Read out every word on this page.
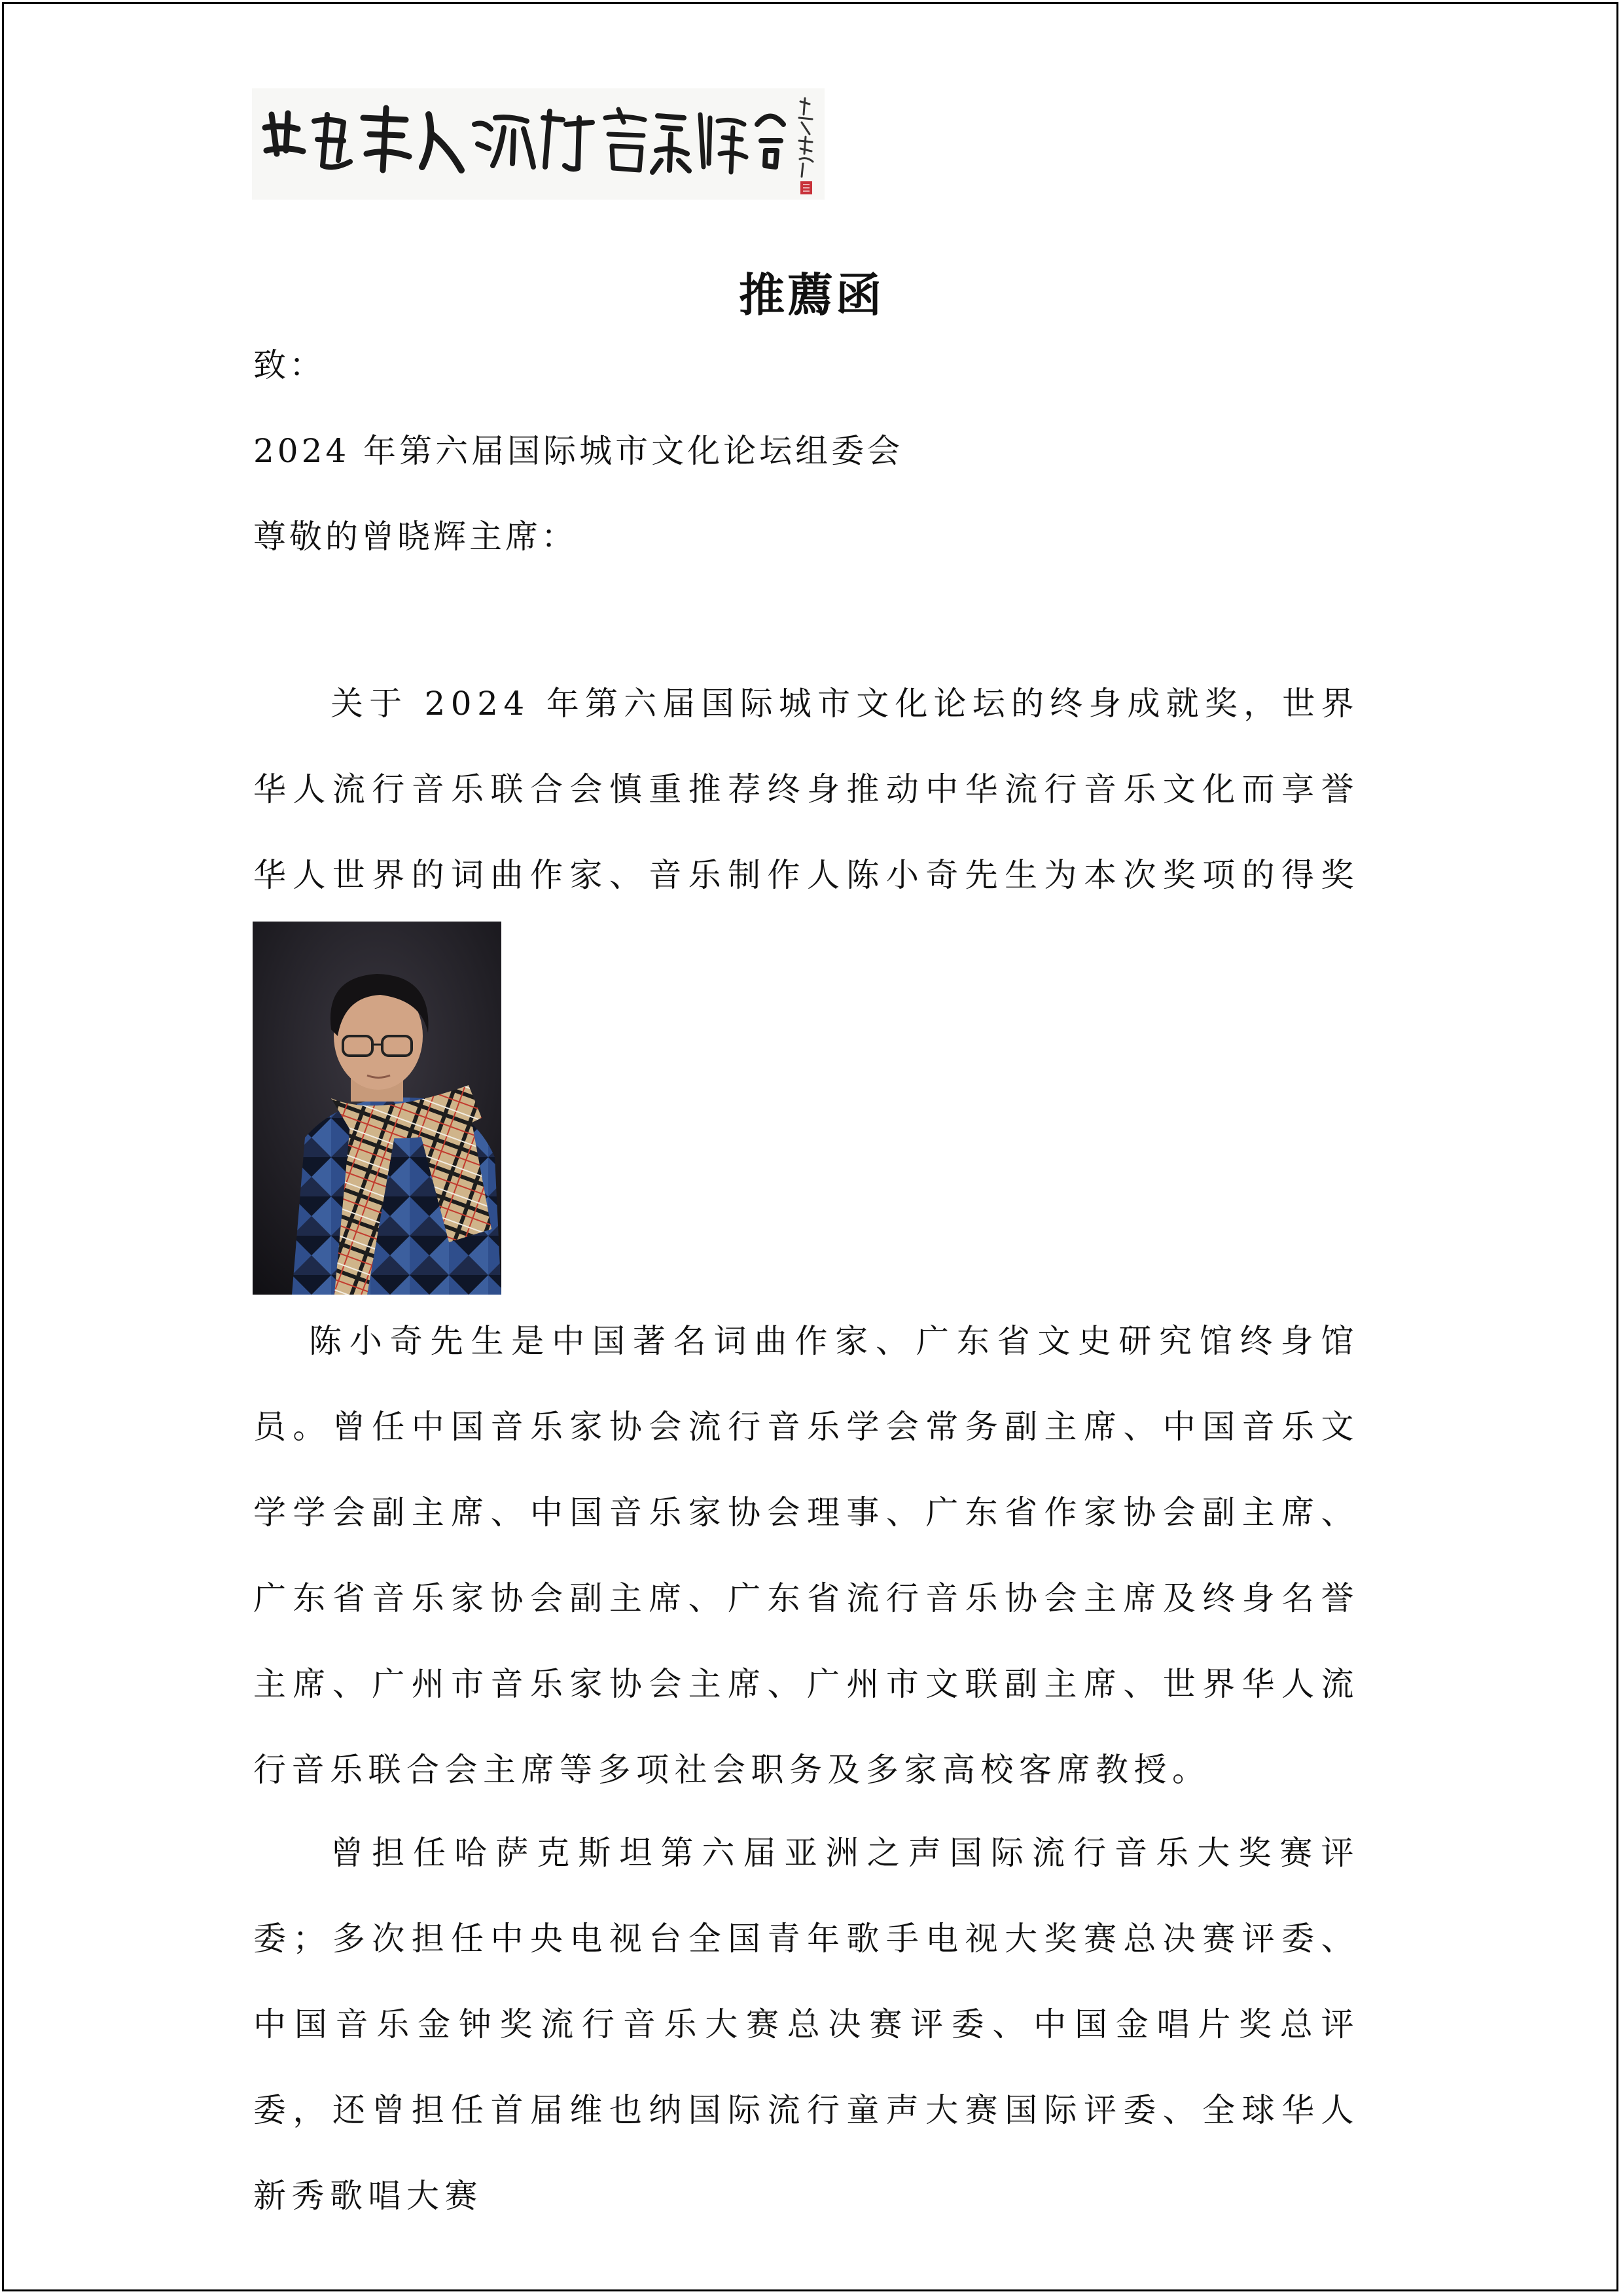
推薦函
致：
2024 年第六届国际城市文化论坛组委会
尊敬的曾晓辉主席：
关于 2024 年第六届国际城市文化论坛的终身成就奖，世界华人流行音乐联合会慎重推荐终身推动中华流行音乐文化而享誉华人世界的词曲作家、音乐制作人陈小奇先生为本次奖项的得奖
陈小奇先生是中国著名词曲作家、广东省文史研究馆终身馆员。曾任中国音乐家协会流行音乐学会常务副主席、中国音乐文学学会副主席、中国音乐家协会理事、广东省作家协会副主席、广东省音乐家协会副主席、广东省流行音乐协会主席及终身名誉主席、广州市音乐家协会主席、广州市文联副主席、世界华人流行音乐联合会主席等多项社会职务及多家高校客席教授。
曾担任哈萨克斯坦第六届亚洲之声国际流行音乐大奖赛评委；多次担任中央电视台全国青年歌手电视大奖赛总决赛评委、中国音乐金钟奖流行音乐大赛总决赛评委、中国金唱片奖总评委，还曾担任首届维也纳国际流行童声大赛国际评委、全球华人新秀歌唱大赛
